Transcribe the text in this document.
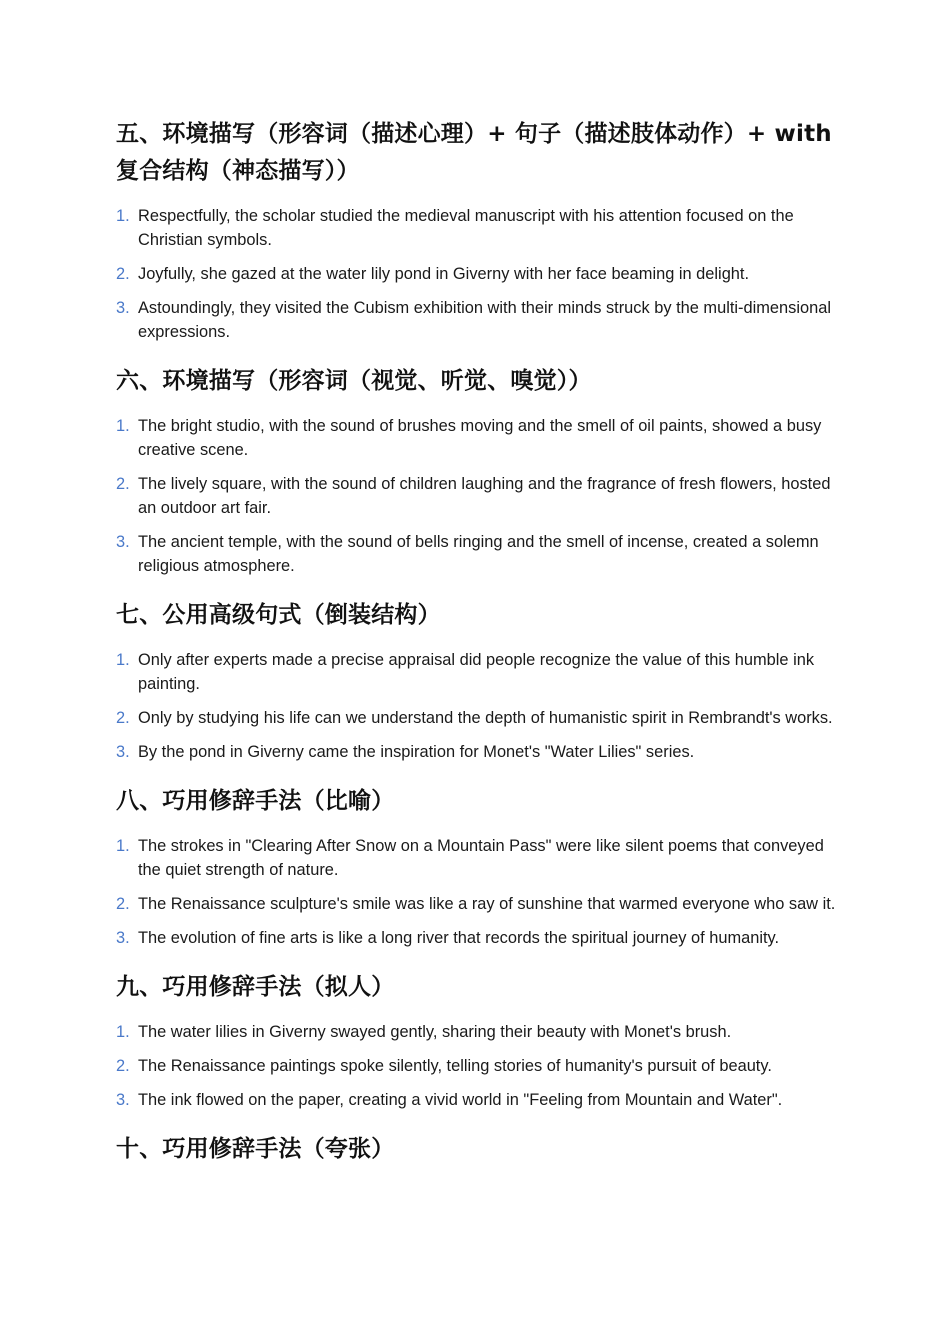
五、环境描写（形容词（描述心理）+ 句子（描述肢体动作）+ with 复合结构（神态描写））
1. Respectfully, the scholar studied the medieval manuscript with his attention focused on the Christian symbols.
2. Joyfully, she gazed at the water lily pond in Giverny with her face beaming in delight.
3. Astoundingly, they visited the Cubism exhibition with their minds struck by the multi-dimensional expressions.
六、环境描写（形容词（视觉、听觉、嗅觉））
1. The bright studio, with the sound of brushes moving and the smell of oil paints, showed a busy creative scene.
2. The lively square, with the sound of children laughing and the fragrance of fresh flowers, hosted an outdoor art fair.
3. The ancient temple, with the sound of bells ringing and the smell of incense, created a solemn religious atmosphere.
七、公用高级句式（倒装结构）
1. Only after experts made a precise appraisal did people recognize the value of this humble ink painting.
2. Only by studying his life can we understand the depth of humanistic spirit in Rembrandt's works.
3. By the pond in Giverny came the inspiration for Monet's "Water Lilies" series.
八、巧用修辞手法（比喻）
1. The strokes in "Clearing After Snow on a Mountain Pass" were like silent poems that conveyed the quiet strength of nature.
2. The Renaissance sculpture's smile was like a ray of sunshine that warmed everyone who saw it.
3. The evolution of fine arts is like a long river that records the spiritual journey of humanity.
九、巧用修辞手法（拟人）
1. The water lilies in Giverny swayed gently, sharing their beauty with Monet's brush.
2. The Renaissance paintings spoke silently, telling stories of humanity's pursuit of beauty.
3. The ink flowed on the paper, creating a vivid world in "Feeling from Mountain and Water".
十、巧用修辞手法（夸张）
